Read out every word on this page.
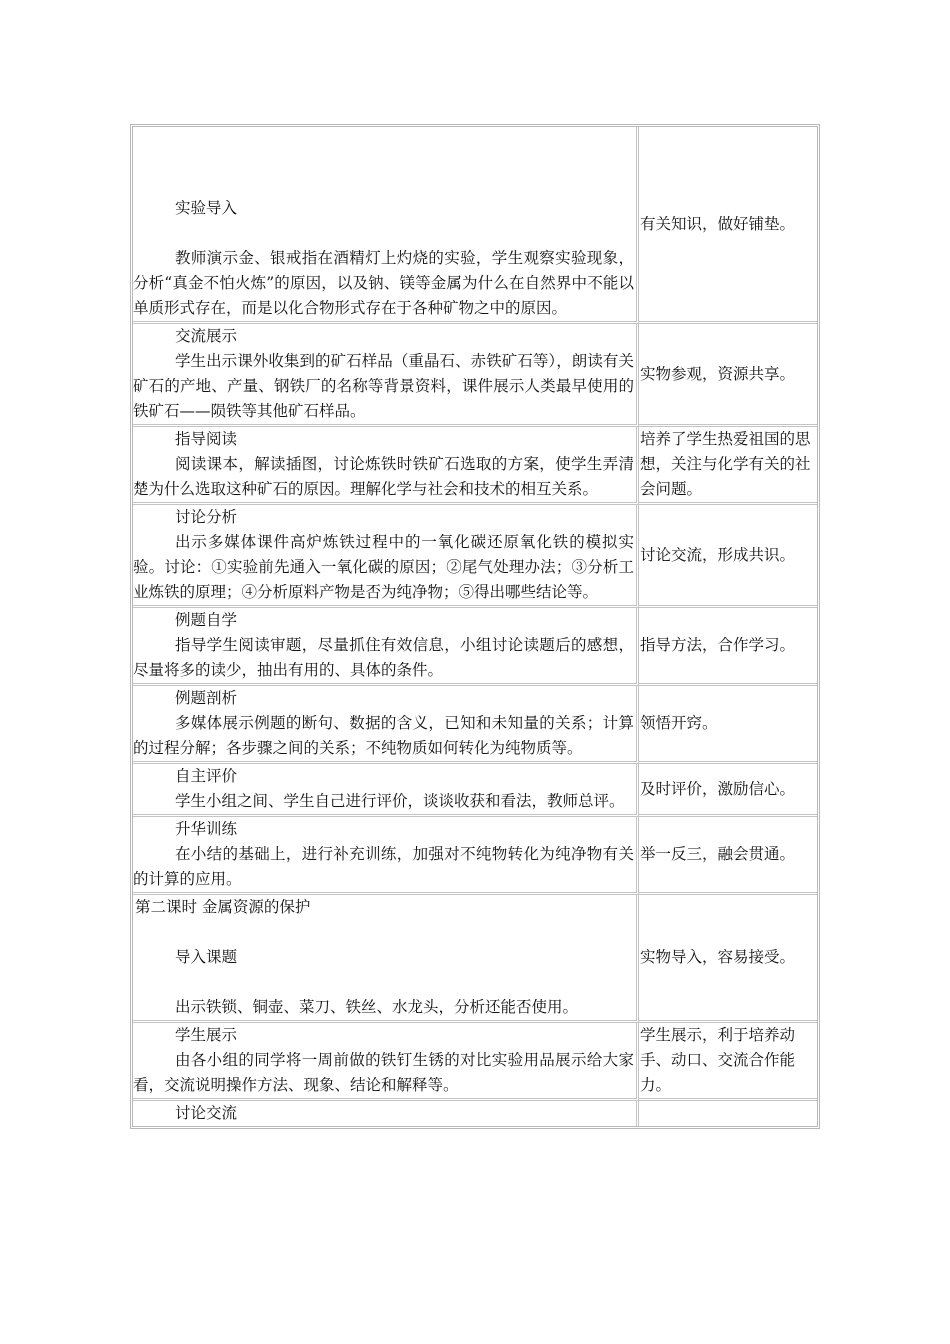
实验导入
教师演示金、银戒指在酒精灯上灼烧的实验，学生观察实验现象，分析“真金不怕火炼”的原因，以及钠、镁等金属为什么在自然界中不能以单质形式存在，而是以化合物形式存在于各种矿物之中的原因。	有关知识，做好铺垫。

交流展示
学生出示课外收集到的矿石样品（重晶石、赤铁矿石等），朗读有关矿石的产地、产量、钢铁厂的名称等背景资料，课件展示人类最早使用的铁矿石——陨铁等其他矿石样品。	实物参观，资源共享。

指导阅读
阅读课本，解读插图，讨论炼铁时铁矿石选取的方案，使学生弄清楚为什么选取这种矿石的原因。理解化学与社会和技术的相互关系。	培养了学生热爱祖国的思想，关注与化学有关的社会问题。

讨论分析
出示多媒体课件高炉炼铁过程中的一氧化碳还原氧化铁的模拟实验。讨论：①实验前先通入一氧化碳的原因；②尾气处理办法；③分析工业炼铁的原理；④分析原料产物是否为纯净物；⑤得出哪些结论等。	讨论交流，形成共识。

例题自学
指导学生阅读审题，尽量抓住有效信息，小组讨论读题后的感想，尽量将多的读少，抽出有用的、具体的条件。	指导方法，合作学习。

例题剖析
多媒体展示例题的断句、数据的含义，已知和未知量的关系；计算的过程分解；各步骤之间的关系；不纯物质如何转化为纯物质等。	领悟开窍。

自主评价
学生小组之间、学生自己进行评价，谈谈收获和看法，教师总评。	及时评价，激励信心。

升华训练
在小结的基础上，进行补充训练，加强对不纯物转化为纯净物有关的计算的应用。	举一反三，融会贯通。

第二课时 金属资源的保护
导入课题
出示铁锁、铜壶、菜刀、铁丝、水龙头，分析还能否使用。	实物导入，容易接受。

学生展示
由各小组的同学将一周前做的铁钉生锈的对比实验用品展示给大家看，交流说明操作方法、现象、结论和解释等。	学生展示，利于培养动手、动口、交流合作能力。

讨论交流	
